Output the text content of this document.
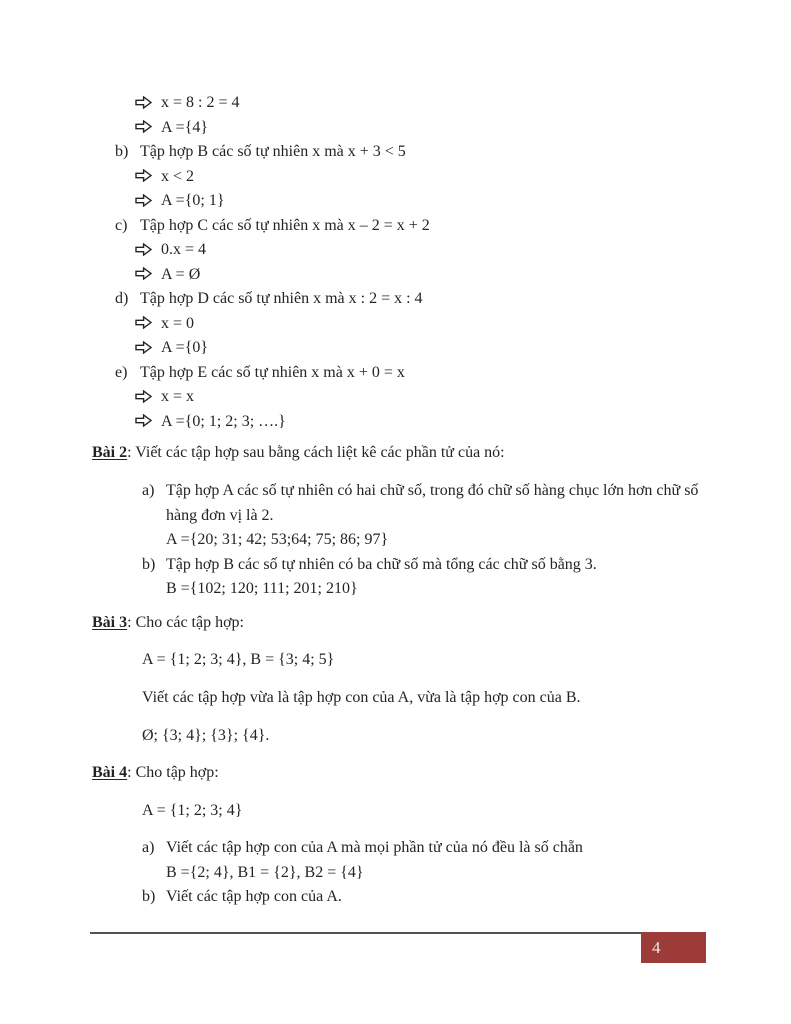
x = 8 : 2 = 4
A ={4}
b) Tập hợp B các số tự nhiên x mà x + 3 < 5
x < 2
A ={0; 1}
c) Tập hợp C các số tự nhiên x mà x – 2 = x + 2
0.x = 4
A = Ø
d) Tập hợp D các số tự nhiên x mà x : 2 = x : 4
x = 0
A ={0}
e) Tập hợp E các số tự nhiên x mà x + 0 = x
x = x
A ={0; 1; 2; 3; ….}
Bài 2: Viết các tập hợp sau bằng cách liệt kê các phần tử của nó:
a) Tập hợp A các số tự nhiên có hai chữ số, trong đó chữ số hàng chục lớn hơn chữ số hàng đơn vị là 2.
A ={20; 31; 42; 53;64; 75; 86; 97}
b) Tập hợp B các số tự nhiên có ba chữ số mà tổng các chữ số bằng 3.
B ={102; 120; 111; 201; 210}
Bài 3: Cho các tập hợp:
A = {1; 2; 3; 4}, B = {3; 4; 5}
Viết các tập hợp vừa là tập hợp con của A, vừa là tập hợp con của B.
Ø; {3; 4}; {3}; {4}.
Bài 4: Cho tập hợp:
A = {1; 2; 3; 4}
a) Viết các tập hợp con của A mà mọi phần tử của nó đều là số chẵn
B ={2; 4}, B1 = {2}, B2 = {4}
b) Viết các tập hợp con của A.
4
